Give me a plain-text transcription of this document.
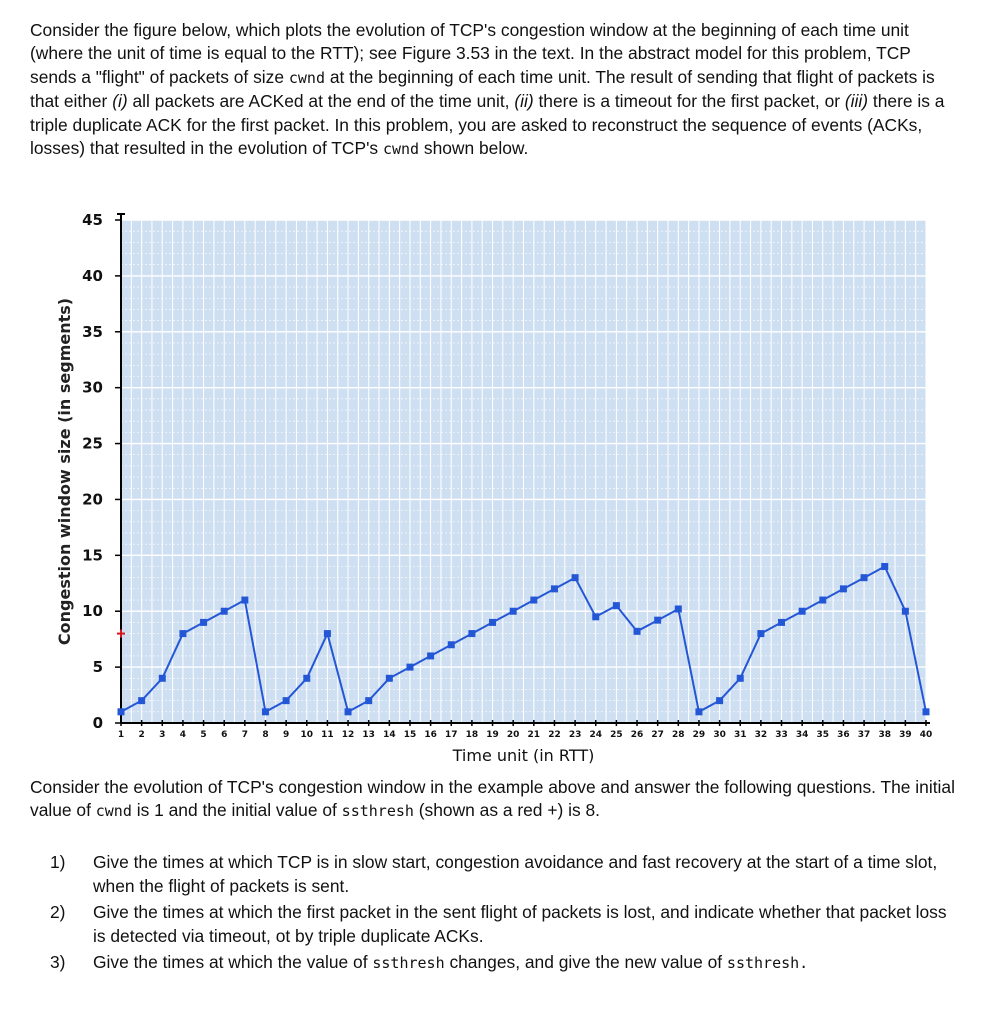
Consider the figure below, which plots the evolution of TCP's congestion window at the beginning of each time unit (where the unit of time is equal to the RTT); see Figure 3.53 in the text. In the abstract model for this problem, TCP sends a "flight" of packets of size cwnd at the beginning of each time unit. The result of sending that flight of packets is that either (i) all packets are ACKed at the end of the time unit, (ii) there is a timeout for the first packet, or (iii) there is a triple duplicate ACK for the first packet. In this problem, you are asked to reconstruct the sequence of events (ACKs, losses) that resulted in the evolution of TCP's cwnd shown below.

0
5
10
15
20
25
30
35
40
45
1 2 3 4 5 6 7 8 9 10 11 12 13 14 15 16 17 18 19 20 21 22 23 24 25 26 27 28 29 30 31 32 33 34 35 36 37 38 39 40
Congestion window size (in segments)
Time unit (in RTT)

Consider the evolution of TCP's congestion window in the example above and answer the following questions. The initial value of cwnd is 1 and the initial value of ssthresh (shown as a red +) is 8.

1)	Give the times at which TCP is in slow start, congestion avoidance and fast recovery at the start of a time slot, when the flight of packets is sent.
2)	Give the times at which the first packet in the sent flight of packets is lost, and indicate whether that packet loss is detected via timeout, ot by triple duplicate ACKs.
3)	Give the times at which the value of ssthresh changes, and give the new value of ssthresh.
